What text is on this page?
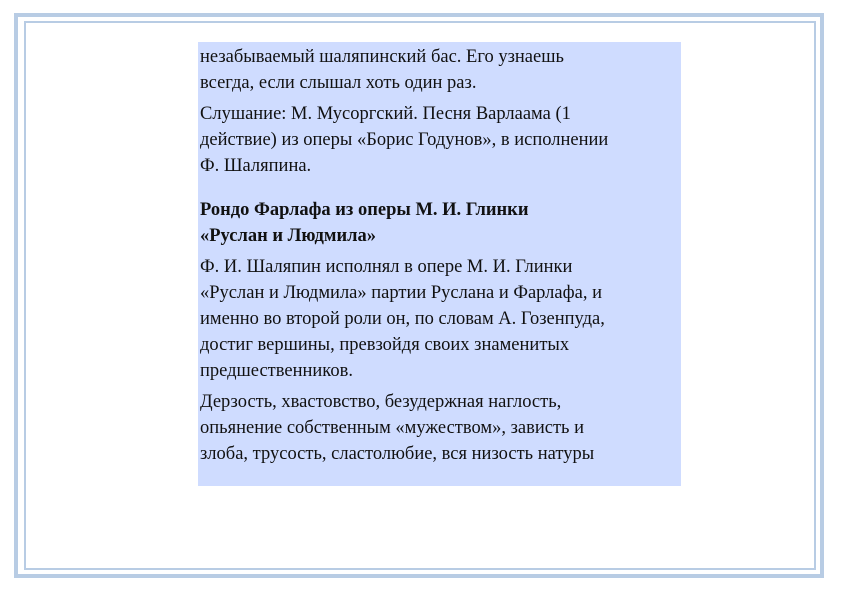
незабываемый шаляпинский бас. Его узнаешь
всегда, если слышал хоть один раз.

Слушание: М. Мусоргский. Песня Варлаама (1
действие) из оперы «Борис Годунов», в исполнении
Ф. Шаляпина.

Рондо Фарлафа из оперы М. И. Глинки
«Руслан и Людмила»

Ф. И. Шаляпин исполнял в опере М. И. Глинки
«Руслан и Людмила» партии Руслана и Фарлафа, и
именно во второй роли он, по словам А. Гозенпуда,
достиг вершины, превзойдя своих знаменитых
предшественников.

Дерзость, хвастовство, безудержная наглость,
опьянение собственным «мужеством», зависть и
злоба, трусость, сластолюбие, вся низость натуры
